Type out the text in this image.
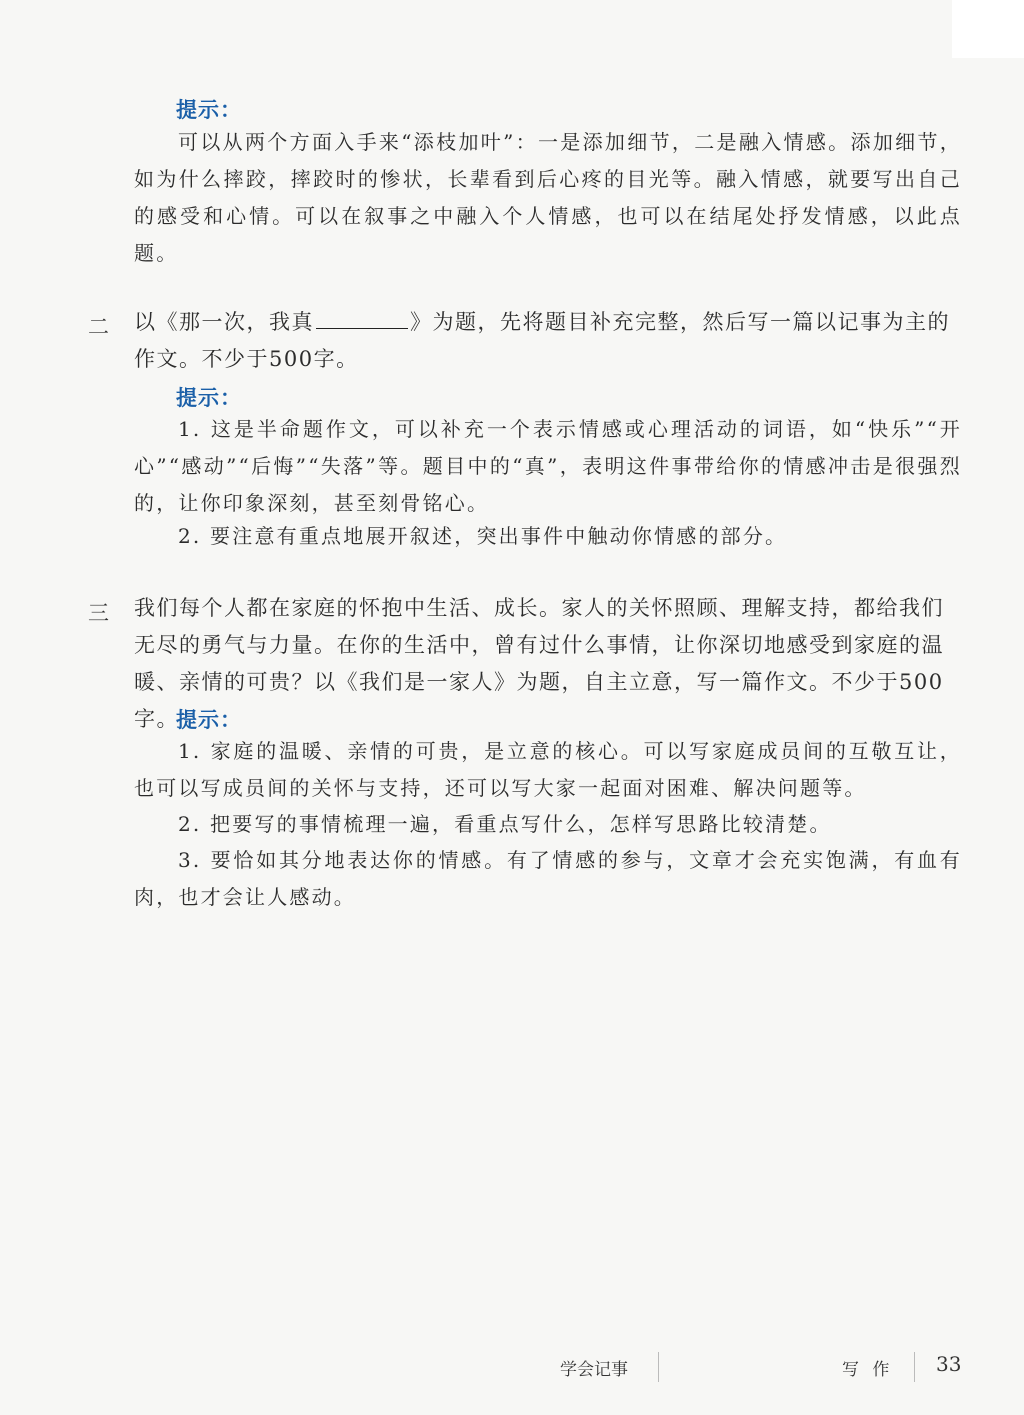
提示：
可以从两个方面入手来“添枝加叶”：一是添加细节，二是融入情感。添加细节，如为什么摔跤，摔跤时的惨状，长辈看到后心疼的目光等。融入情感，就要写出自己的感受和心情。可以在叙事之中融入个人情感，也可以在结尾处抒发情感，以此点题。
二 以《那一次，我真	》为题，先将题目补充完整，然后写一篇以记事为主的作文。不少于500字。
提示：
1. 这是半命题作文，可以补充一个表示情感或心理活动的词语，如“快乐”“开心”“感动”“后悔”“失落”等。题目中的“真”，表明这件事带给你的情感冲击是很强烈的，让你印象深刻，甚至刻骨铭心。
2. 要注意有重点地展开叙述，突出事件中触动你情感的部分。
三 我们每个人都在家庭的怀抱中生活、成长。家人的关怀照顾、理解支持，都给我们无尽的勇气与力量。在你的生活中，曾有过什么事情，让你深切地感受到家庭的温暖、亲情的可贵？以《我们是一家人》为题，自主立意，写一篇作文。不少于500字。
提示：
1. 家庭的温暖、亲情的可贵，是立意的核心。可以写家庭成员间的互敬互让，也可以写成员间的关怀与支持，还可以写大家一起面对困难、解决问题等。
2. 把要写的事情梳理一遍，看重点写什么，怎样写思路比较清楚。
3. 要恰如其分地表达你的情感。有了情感的参与，文章才会充实饱满，有血有肉，也才会让人感动。
学会记事	写 作 33
